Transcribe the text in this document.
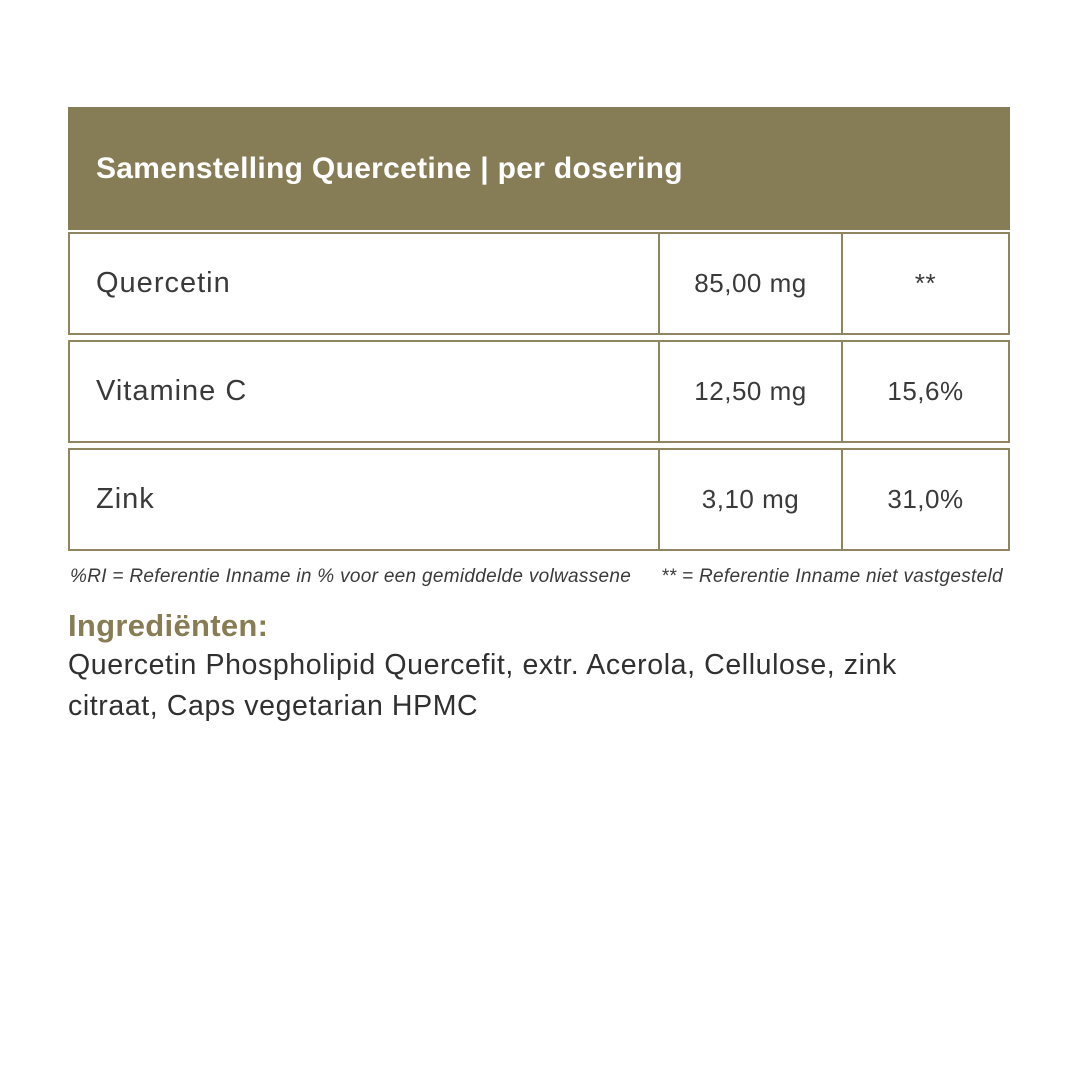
Samenstelling Quercetine | per dosering
Quercetin	85,00 mg	**
Vitamine C	12,50 mg	15,6%
Zink	3,10 mg	31,0%
%RI = Referentie Inname in % voor een gemiddelde volwassene ** = Referentie Inname niet vastgesteld
Ingrediënten:
Quercetin Phospholipid Quercefit, extr. Acerola, Cellulose, zink
citraat, Caps vegetarian HPMC
